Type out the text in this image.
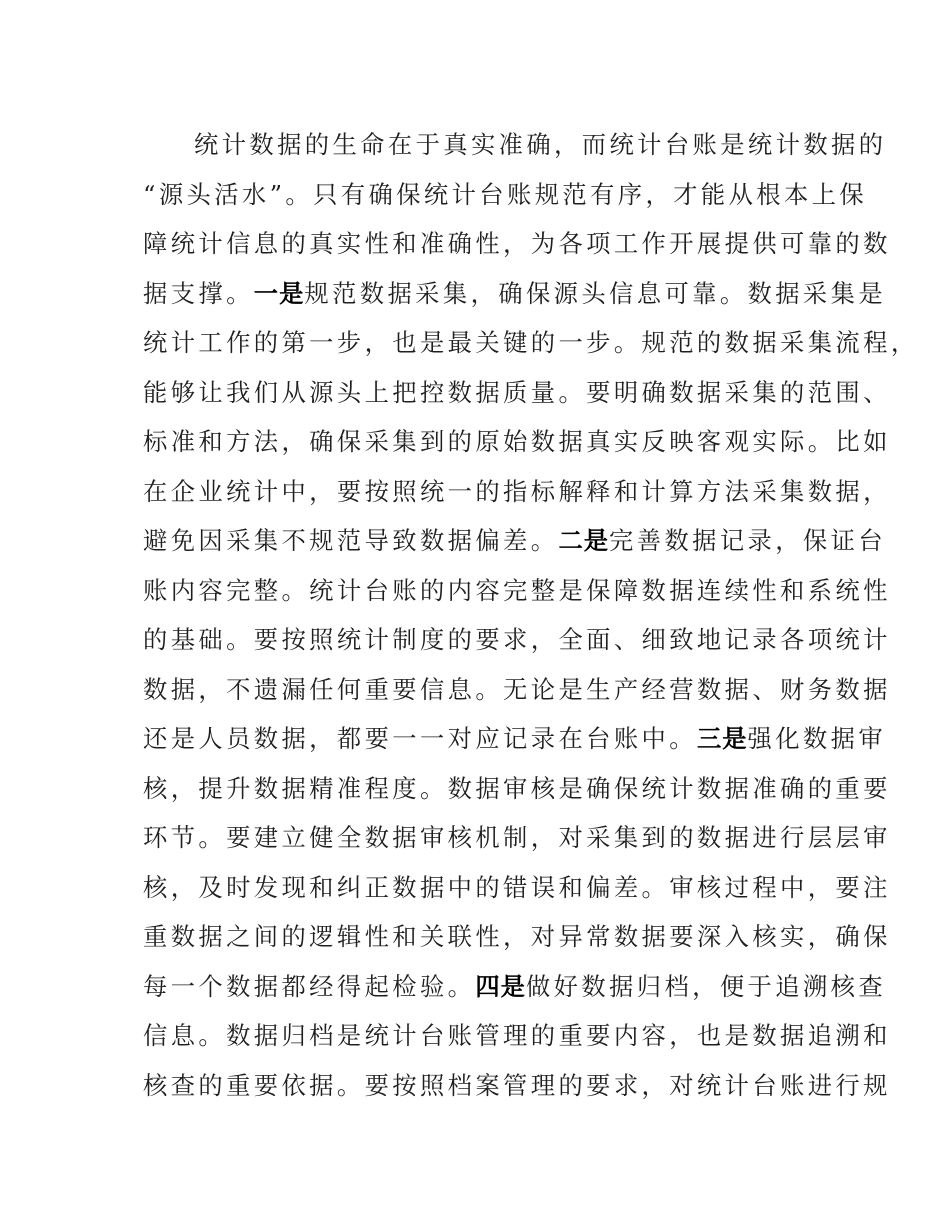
统计数据的生命在于真实准确，而统计台账是统计数据的
“源头活水”。只有确保统计台账规范有序，才能从根本上保
障统计信息的真实性和准确性，为各项工作开展提供可靠的数
据支撑。一是规范数据采集，确保源头信息可靠。数据采集是
统计工作的第一步，也是最关键的一步。规范的数据采集流程，
能够让我们从源头上把控数据质量。要明确数据采集的范围、
标准和方法，确保采集到的原始数据真实反映客观实际。比如
在企业统计中，要按照统一的指标解释和计算方法采集数据，
避免因采集不规范导致数据偏差。二是完善数据记录，保证台
账内容完整。统计台账的内容完整是保障数据连续性和系统性
的基础。要按照统计制度的要求，全面、细致地记录各项统计
数据，不遗漏任何重要信息。无论是生产经营数据、财务数据
还是人员数据，都要一一对应记录在台账中。三是强化数据审
核，提升数据精准程度。数据审核是确保统计数据准确的重要
环节。要建立健全数据审核机制，对采集到的数据进行层层审
核，及时发现和纠正数据中的错误和偏差。审核过程中，要注
重数据之间的逻辑性和关联性，对异常数据要深入核实，确保
每一个数据都经得起检验。四是做好数据归档，便于追溯核查
信息。数据归档是统计台账管理的重要内容，也是数据追溯和
核查的重要依据。要按照档案管理的要求，对统计台账进行规
